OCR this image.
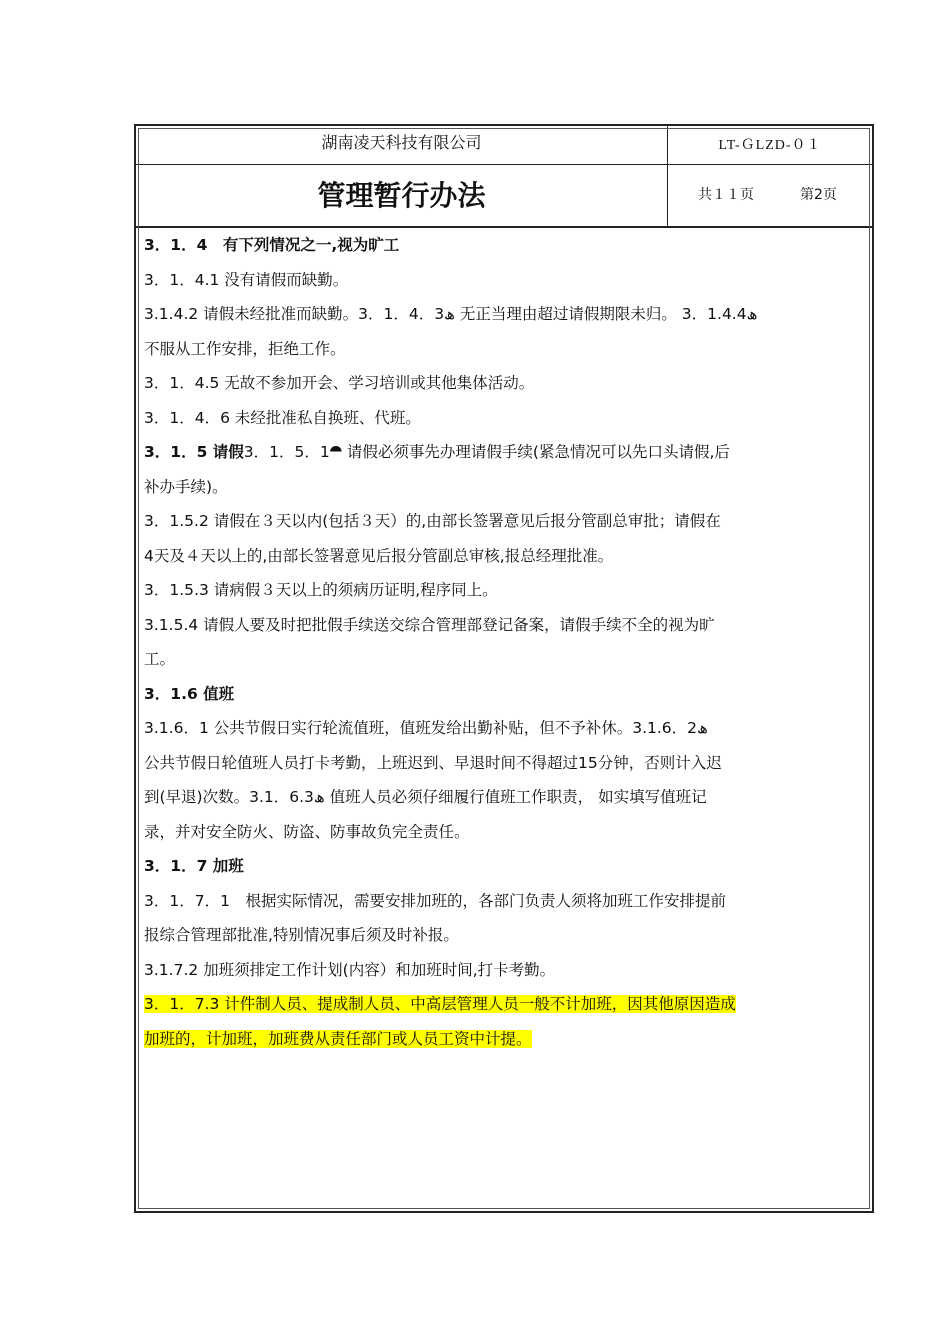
湖南凌天科技有限公司	LT-ＧLZD-０１
管理暂行办法	共１１页	第2页

3．1．4　有下列情况之一,视为旷工

3．1．4.1 没有请假而缺勤。

3.1.4.2 请假未经批准而缺勤。3．1．4．3ھ 无正当理由超过请假期限未归。 3．1.4.4ھ

不服从工作安排，拒绝工作。

3．1．4.5 无故不参加开会、学习培训或其他集体活动。

3．1．4．6 未经批准私自换班、代班。

3．1．5 请假3．1．5．1⯊ 请假必须事先办理请假手续(紧急情况可以先口头请假,后

补办手续)。

3．1.5.2 请假在３天以内(包括３天）的,由部长签署意见后报分管副总审批；请假在

4天及４天以上的,由部长签署意见后报分管副总审核,报总经理批准。

3．1.5.3 请病假３天以上的须病历证明,程序同上。

3.1.5.4 请假人要及时把批假手续送交综合管理部登记备案，请假手续不全的视为旷

工。

3．1.6 值班

3.1.6．1 公共节假日实行轮流值班，值班发给出勤补贴，但不予补休。3.1.6．2ھ

公共节假日轮值班人员打卡考勤，上班迟到、早退时间不得超过15分钟，否则计入迟

到(早退)次数。3.1．6.3ھ 值班人员必须仔细履行值班工作职责， 如实填写值班记

录，并对安全防火、防盗、防事故负完全责任。

3．1．7 加班

3．1．7．1　根据实际情况，需要安排加班的，各部门负责人须将加班工作安排提前

报综合管理部批准,特别情况事后须及时补报。

3.1.7.2 加班须排定工作计划(内容）和加班时间,打卡考勤。

3．1．7.3 计件制人员、提成制人员、中高层管理人员一般不计加班，因其他原因造成

加班的，计加班，加班费从责任部门或人员工资中计提。
